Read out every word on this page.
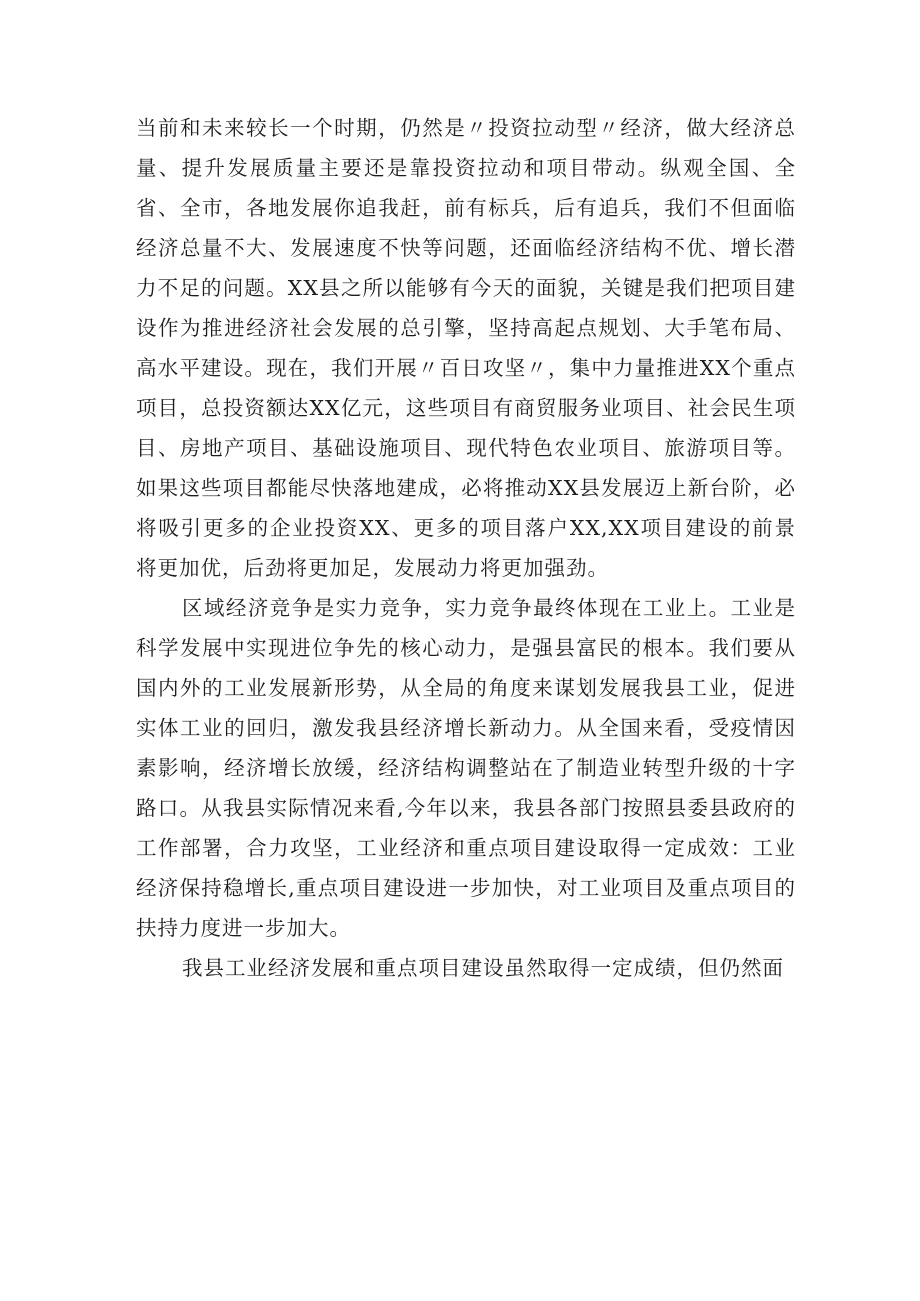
当前和未来较长一个时期，仍然是〃投资拉动型〃经济，做大经济总量、提升发展质量主要还是靠投资拉动和项目带动。纵观全国、全省、全市，各地发展你追我赶，前有标兵，后有追兵，我们不但面临经济总量不大、发展速度不快等问题，还面临经济结构不优、增长潜力不足的问题。XX县之所以能够有今天的面貌，关键是我们把项目建设作为推进经济社会发展的总引擎，坚持高起点规划、大手笔布局、高水平建设。现在，我们开展〃百日攻坚〃，集中力量推进XX个重点项目，总投资额达XX亿元，这些项目有商贸服务业项目、社会民生项目、房地产项目、基础设施项目、现代特色农业项目、旅游项目等。如果这些项目都能尽快落地建成，必将推动XX县发展迈上新台阶，必将吸引更多的企业投资XX、更多的项目落户XX,XX项目建设的前景将更加优，后劲将更加足，发展动力将更加强劲。

区域经济竞争是实力竞争，实力竞争最终体现在工业上。工业是科学发展中实现进位争先的核心动力，是强县富民的根本。我们要从国内外的工业发展新形势，从全局的角度来谋划发展我县工业，促进实体工业的回归，激发我县经济增长新动力。从全国来看，受疫情因素影响，经济增长放缓，经济结构调整站在了制造业转型升级的十字路口。从我县实际情况来看,今年以来，我县各部门按照县委县政府的工作部署，合力攻坚，工业经济和重点项目建设取得一定成效：工业经济保持稳增长,重点项目建设进一步加快，对工业项目及重点项目的扶持力度进一步加大。

我县工业经济发展和重点项目建设虽然取得一定成绩，但仍然面
